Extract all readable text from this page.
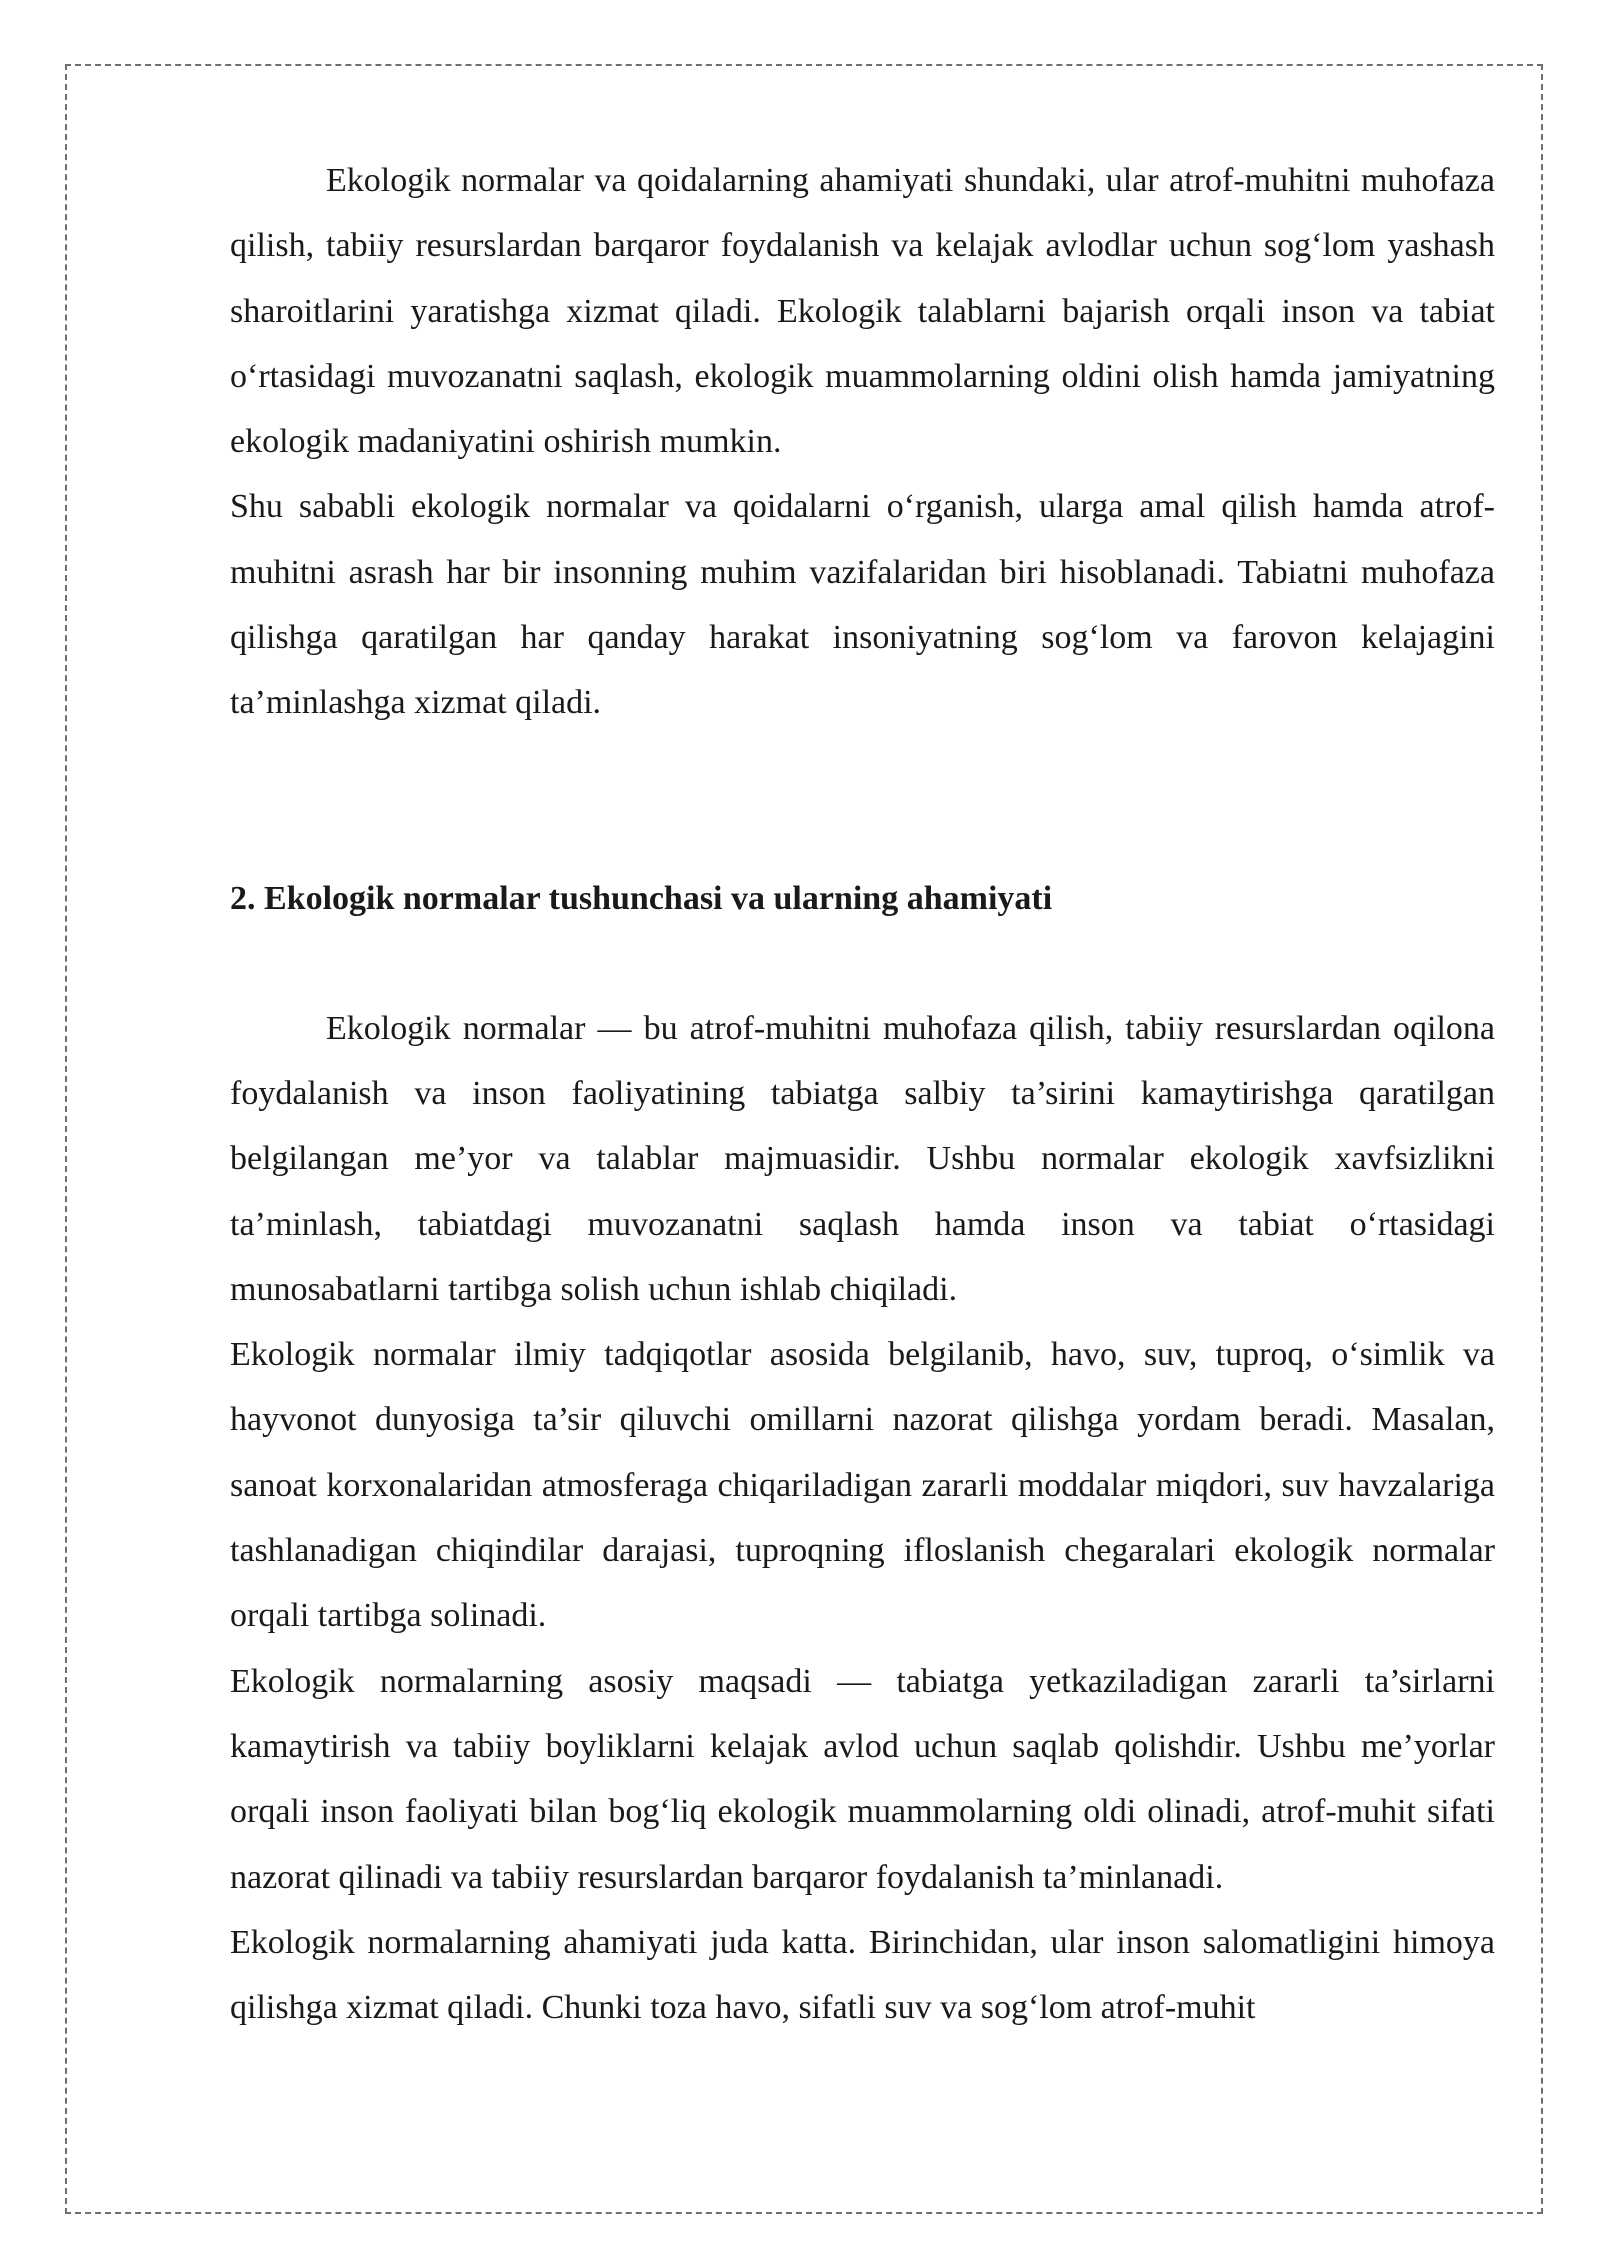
Ekologik normalar va qoidalarning ahamiyati shundaki, ular atrof-muhitni muhofaza qilish, tabiiy resurslardan barqaror foydalanish va kelajak avlodlar uchun sog‘lom yashash sharoitlarini yaratishga xizmat qiladi. Ekologik talablarni bajarish orqali inson va tabiat o‘rtasidagi muvozanatni saqlash, ekologik muammolarning oldini olish hamda jamiyatning ekologik madaniyatini oshirish mumkin.

Shu sababli ekologik normalar va qoidalarni o‘rganish, ularga amal qilish hamda atrof-muhitni asrash har bir insonning muhim vazifalaridan biri hisoblanadi. Tabiatni muhofaza qilishga qaratilgan har qanday harakat insoniyatning sog‘lom va farovon kelajagini ta’minlashga xizmat qiladi.

2. Ekologik normalar tushunchasi va ularning ahamiyati

Ekologik normalar — bu atrof-muhitni muhofaza qilish, tabiiy resurslardan oqilona foydalanish va inson faoliyatining tabiatga salbiy ta’sirini kamaytirishga qaratilgan belgilangan me’yor va talablar majmuasidir. Ushbu normalar ekologik xavfsizlikni ta’minlash, tabiatdagi muvozanatni saqlash hamda inson va tabiat o‘rtasidagi munosabatlarni tartibga solish uchun ishlab chiqiladi.

Ekologik normalar ilmiy tadqiqotlar asosida belgilanib, havo, suv, tuproq, o‘simlik va hayvonot dunyosiga ta’sir qiluvchi omillarni nazorat qilishga yordam beradi. Masalan, sanoat korxonalaridan atmosferaga chiqariladigan zararli moddalar miqdori, suv havzalariga tashlanadigan chiqindilar darajasi, tuproqning ifloslanish chegaralari ekologik normalar orqali tartibga solinadi.

Ekologik normalarning asosiy maqsadi — tabiatga yetkaziladigan zararli ta’sirlarni kamaytirish va tabiiy boyliklarni kelajak avlod uchun saqlab qolishdir. Ushbu me’yorlar orqali inson faoliyati bilan bog‘liq ekologik muammolarning oldi olinadi, atrof-muhit sifati nazorat qilinadi va tabiiy resurslardan barqaror foydalanish ta’minlanadi.

Ekologik normalarning ahamiyati juda katta. Birinchidan, ular inson salomatligini himoya qilishga xizmat qiladi. Chunki toza havo, sifatli suv va sog‘lom atrof-muhit
